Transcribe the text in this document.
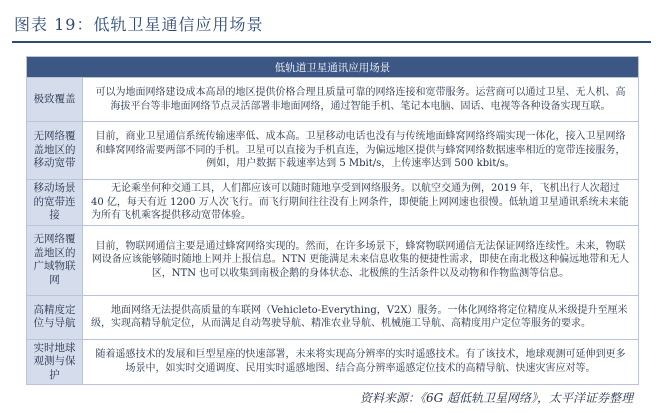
图表 19：低轨卫星通信应用场景
低轨道卫星通讯应用场景	
极致覆盖	可以为地面网络建设成本高昂的地区提供价格合理且质量可靠的网络连接和宽带服务。运营商可以通过卫星、无人机、高海拔平台等非地面网络节点灵活部署非地面网络，通过智能手机、笔记本电脑、固话、电视等各种设备实现互联。
无网络覆盖地区的移动宽带	目前，商业卫星通信系统传输速率低、成本高。卫星移动电话也没有与传统地面蜂窝网络终端实现一体化，接入卫星网络和蜂窝网络需要两部不同的手机。卫星可以直接为手机直连，为偏远地区提供与蜂窝网络数据速率相近的宽带连接服务，例如，用户数据下载速率达到 5 Mbit/s，上传速率达到 500 kbit/s。
移动场景的宽带连接	无论乘坐何种交通工具，人们都应该可以随时随地享受到网络服务。以航空交通为例，2019 年，飞机出行人次超过 40 亿，每天有近 1200 万人次飞行。而飞行期间往往没有上网条件，即便能上网网速也很慢。低轨道卫星通讯系统未来能为所有飞机乘客提供移动宽带体验。
无网络覆盖地区的广域物联网	目前，物联网通信主要是通过蜂窝网络实现的。然而，在许多场景下，蜂窝物联网通信无法保证网络连续性。未来，物联网设备应该能够随时随地上网并上报信息。NTN 更能满足未来信息收集的便捷性需求，即使在南北极这种偏远地带和无人区，NTN 也可以收集到南极企鹅的身体状态、北极熊的生活条件以及动物和作物监测等信息。
高精度定位与导航	地面网络无法提供高质量的车联网（Vehicleto-Everything，V2X）服务。一体化网络将定位精度从米级提升至厘米级，实现高精导航定位，从而满足自动驾驶导航、精准农业导航、机械施工导航、高精度用户定位等服务的要求。
实时地球观测与保护	随着遥感技术的发展和巨型星座的快速部署，未来将实现高分辨率的实时遥感技术。有了该技术，地球观测可延伸到更多场景中，如实时交通调度、民用实时遥感地图、结合高分辨率遥感定位技术的高精导航、快速灾害应对等。
资料来源：《6G 超低轨卫星网络》，太平洋证券整理
